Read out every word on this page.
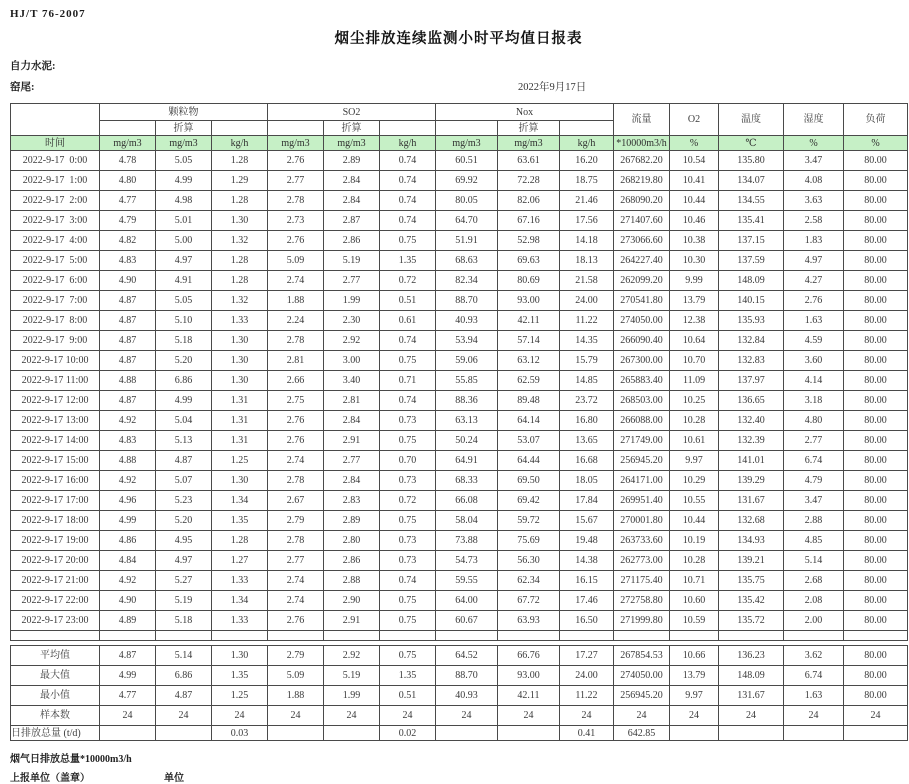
HJ/T 76-2007
烟尘排放连续监测小时平均值日报表
自力水泥:
窑尾:	2022年9月17日
	颗粒物			SO2			Nox			流量	O2	温度	湿度	负荷
		折算			折算			折算						
时间	mg/m3	mg/m3	kg/h	mg/m3	mg/m3	kg/h	mg/m3	mg/m3	kg/h	*10000m3/h	%	℃	%	%
2022-9-17  0:00	4.78	5.05	1.28	2.76	2.89	0.74	60.51	63.61	16.20	267682.20	10.54	135.80	3.47	80.00
2022-9-17  1:00	4.80	4.99	1.29	2.77	2.84	0.74	69.92	72.28	18.75	268219.80	10.41	134.07	4.08	80.00
2022-9-17  2:00	4.77	4.98	1.28	2.78	2.84	0.74	80.05	82.06	21.46	268090.20	10.44	134.55	3.63	80.00
2022-9-17  3:00	4.79	5.01	1.30	2.73	2.87	0.74	64.70	67.16	17.56	271407.60	10.46	135.41	2.58	80.00
2022-9-17  4:00	4.82	5.00	1.32	2.76	2.86	0.75	51.91	52.98	14.18	273066.60	10.38	137.15	1.83	80.00
2022-9-17  5:00	4.83	4.97	1.28	5.09	5.19	1.35	68.63	69.63	18.13	264227.40	10.30	137.59	4.97	80.00
2022-9-17  6:00	4.90	4.91	1.28	2.74	2.77	0.72	82.34	80.69	21.58	262099.20	9.99	148.09	4.27	80.00
2022-9-17  7:00	4.87	5.05	1.32	1.88	1.99	0.51	88.70	93.00	24.00	270541.80	13.79	140.15	2.76	80.00
2022-9-17  8:00	4.87	5.10	1.33	2.24	2.30	0.61	40.93	42.11	11.22	274050.00	12.38	135.93	1.63	80.00
2022-9-17  9:00	4.87	5.18	1.30	2.78	2.92	0.74	53.94	57.14	14.35	266090.40	10.64	132.84	4.59	80.00
2022-9-17 10:00	4.87	5.20	1.30	2.81	3.00	0.75	59.06	63.12	15.79	267300.00	10.70	132.83	3.60	80.00
2022-9-17 11:00	4.88	6.86	1.30	2.66	3.40	0.71	55.85	62.59	14.85	265883.40	11.09	137.97	4.14	80.00
2022-9-17 12:00	4.87	4.99	1.31	2.75	2.81	0.74	88.36	89.48	23.72	268503.00	10.25	136.65	3.18	80.00
2022-9-17 13:00	4.92	5.04	1.31	2.76	2.84	0.73	63.13	64.14	16.80	266088.00	10.28	132.40	4.80	80.00
2022-9-17 14:00	4.83	5.13	1.31	2.76	2.91	0.75	50.24	53.07	13.65	271749.00	10.61	132.39	2.77	80.00
2022-9-17 15:00	4.88	4.87	1.25	2.74	2.77	0.70	64.91	64.44	16.68	256945.20	9.97	141.01	6.74	80.00
2022-9-17 16:00	4.92	5.07	1.30	2.78	2.84	0.73	68.33	69.50	18.05	264171.00	10.29	139.29	4.79	80.00
2022-9-17 17:00	4.96	5.23	1.34	2.67	2.83	0.72	66.08	69.42	17.84	269951.40	10.55	131.67	3.47	80.00
2022-9-17 18:00	4.99	5.20	1.35	2.79	2.89	0.75	58.04	59.72	15.67	270001.80	10.44	132.68	2.88	80.00
2022-9-17 19:00	4.86	4.95	1.28	2.78	2.80	0.73	73.88	75.69	19.48	263733.60	10.19	134.93	4.85	80.00
2022-9-17 20:00	4.84	4.97	1.27	2.77	2.86	0.73	54.73	56.30	14.38	262773.00	10.28	139.21	5.14	80.00
2022-9-17 21:00	4.92	5.27	1.33	2.74	2.88	0.74	59.55	62.34	16.15	271175.40	10.71	135.75	2.68	80.00
2022-9-17 22:00	4.90	5.19	1.34	2.74	2.90	0.75	64.00	67.72	17.46	272758.80	10.60	135.42	2.08	80.00
2022-9-17 23:00	4.89	5.18	1.33	2.76	2.91	0.75	60.67	63.93	16.50	271999.80	10.59	135.72	2.00	80.00

平均值	4.87	5.14	1.30	2.79	2.92	0.75	64.52	66.76	17.27	267854.53	10.66	136.23	3.62	80.00
最大值	4.99	6.86	1.35	5.09	5.19	1.35	88.70	93.00	24.00	274050.00	13.79	148.09	6.74	80.00
最小值	4.77	4.87	1.25	1.88	1.99	0.51	40.93	42.11	11.22	256945.20	9.97	131.67	1.63	80.00
样本数	24	24	24	24	24	24	24	24	24	24	24	24	24	24
日排放总量 (t/d)			0.03			0.02			0.41	642.85				
烟气日排放总量*10000m3/h
上报单位（盖章）	单位
